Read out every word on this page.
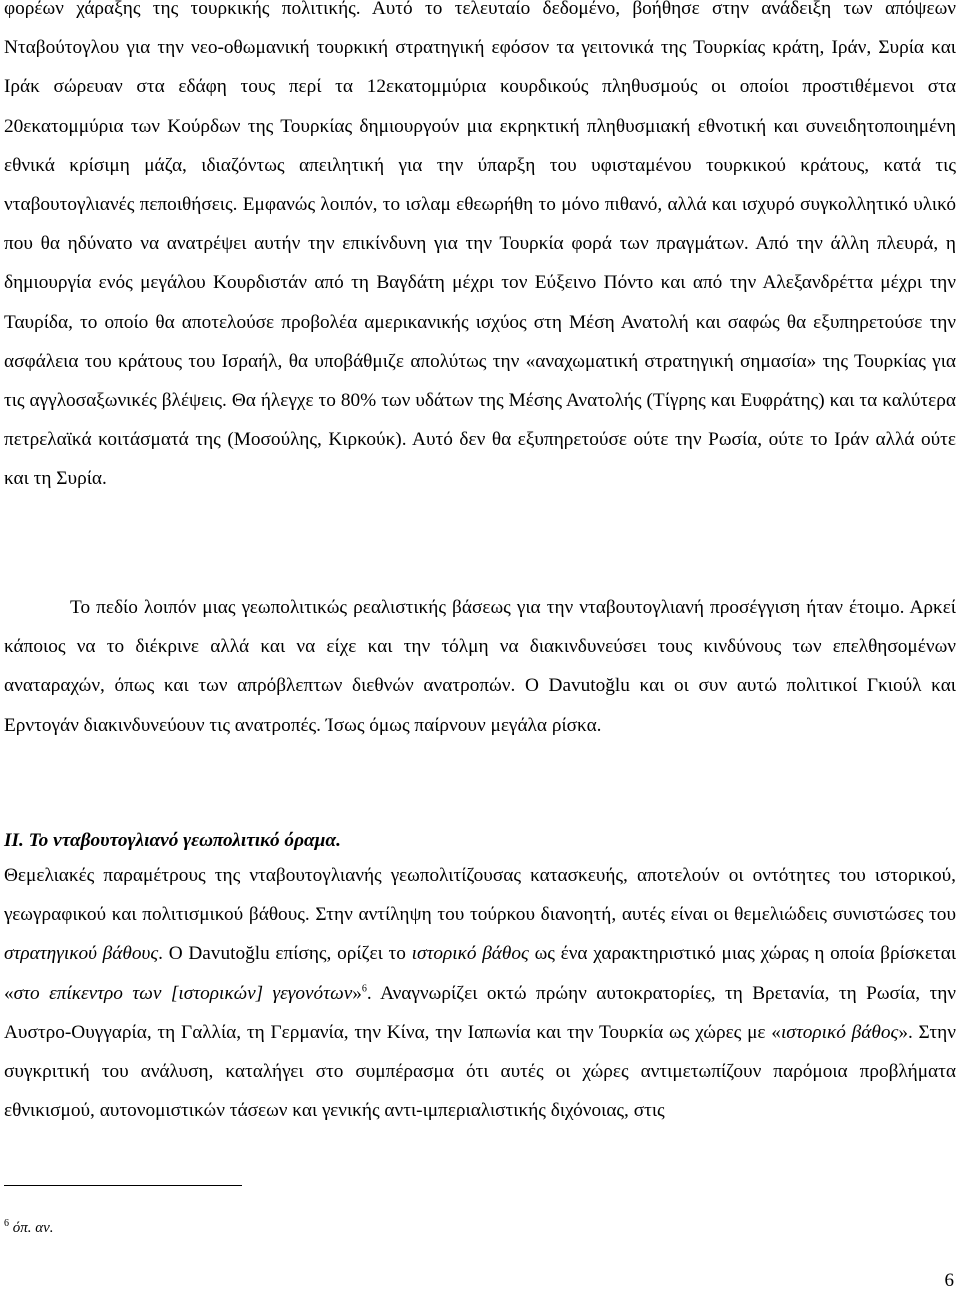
φορέων χάραξης της τουρκικής πολιτικής. Αυτό το τελευταίο δεδομένο, βοήθησε στην ανάδειξη των απόψεων Νταβούτογλου για την νεο-οθωμανική τουρκική στρατηγική εφόσον τα γειτονικά της Τουρκίας κράτη, Ιράν, Συρία και Ιράκ σώρευαν στα εδάφη τους περί τα 12εκατομμύρια κουρδικούς πληθυσμούς οι οποίοι προστιθέμενοι στα 20εκατομμύρια των Κούρδων της Τουρκίας δημιουργούν μια εκρηκτική πληθυσμιακή εθνοτική και συνειδητοποιημένη εθνικά κρίσιμη μάζα, ιδιαζόντως απειλητική για την ύπαρξη του υφισταμένου τουρκικού κράτους, κατά τις νταβουτογλιανές πεποιθήσεις. Εμφανώς λοιπόν, το ισλαμ εθεωρήθη το μόνο πιθανό, αλλά και ισχυρό συγκολλητικό υλικό που θα ηδύνατο να ανατρέψει αυτήν την επικίνδυνη για την Τουρκία φορά των πραγμάτων. Από την άλλη πλευρά, η δημιουργία ενός μεγάλου Κουρδιστάν από τη Βαγδάτη μέχρι τον Εύξεινο Πόντο και από την Αλεξανδρέττα μέχρι την Ταυρίδα, το οποίο θα αποτελούσε προβολέα αμερικανικής ισχύος στη Μέση Ανατολή και σαφώς θα εξυπηρετούσε την ασφάλεια του κράτους του Ισραήλ, θα υποβάθμιζε απολύτως την «αναχωματική στρατηγική σημασία» της Τουρκίας για τις αγγλοσαξωνικές βλέψεις. Θα ήλεγχε το 80% των υδάτων της Μέσης Ανατολής (Τίγρης και Ευφράτης) και τα καλύτερα πετρελαϊκά κοιτάσματά της (Μοσούλης, Κιρκούκ). Αυτό δεν θα εξυπηρετούσε ούτε την Ρωσία, ούτε το Ιράν αλλά ούτε και τη Συρία.

Το πεδίο λοιπόν μιας γεωπολιτικώς ρεαλιστικής βάσεως για την νταβουτογλιανή προσέγγιση ήταν έτοιμο. Αρκεί κάποιος να το διέκρινε αλλά και να είχε και την τόλμη να διακινδυνεύσει τους κινδύνους των επελθησομένων αναταραχών, όπως και των απρόβλεπτων διεθνών ανατροπών. Ο Davutoğlu και οι συν αυτώ πολιτικοί Γκιούλ και Ερντογάν διακινδυνεύουν τις ανατροπές. Ίσως όμως παίρνουν μεγάλα ρίσκα.

ΙΙ. Το νταβουτογλιανό γεωπολιτικό όραμα.

Θεμελιακές παραμέτρους της νταβουτογλιανής γεωπολιτίζουσας κατασκευής, αποτελούν οι οντότητες του ιστορικού, γεωγραφικού και πολιτισμικού βάθους. Στην αντίληψη του τούρκου διανοητή, αυτές είναι οι θεμελιώδεις συνιστώσες του στρατηγικού βάθους. Ο Davutoğlu επίσης, ορίζει το ιστορικό βάθος ως ένα χαρακτηριστικό μιας χώρας η οποία βρίσκεται «στο επίκεντρο των [ιστορικών] γεγονότων»$^6$. Αναγνωρίζει οκτώ πρώην αυτοκρατορίες, τη Βρετανία, τη Ρωσία, την Αυστρο-Ουγγαρία, τη Γαλλία, τη Γερμανία, την Κίνα, την Ιαπωνία και την Τουρκία ως χώρες με «ιστορικό βάθος». Στην συγκριτική του ανάλυση, καταλήγει στο συμπέρασμα ότι αυτές οι χώρες αντιμετωπίζουν παρόμοια προβλήματα εθνικισμού, αυτονομιστικών τάσεων και γενικής αντι-ιμπεριαλιστικής διχόνοιας, στις

$^6$ όπ. αν.
6
